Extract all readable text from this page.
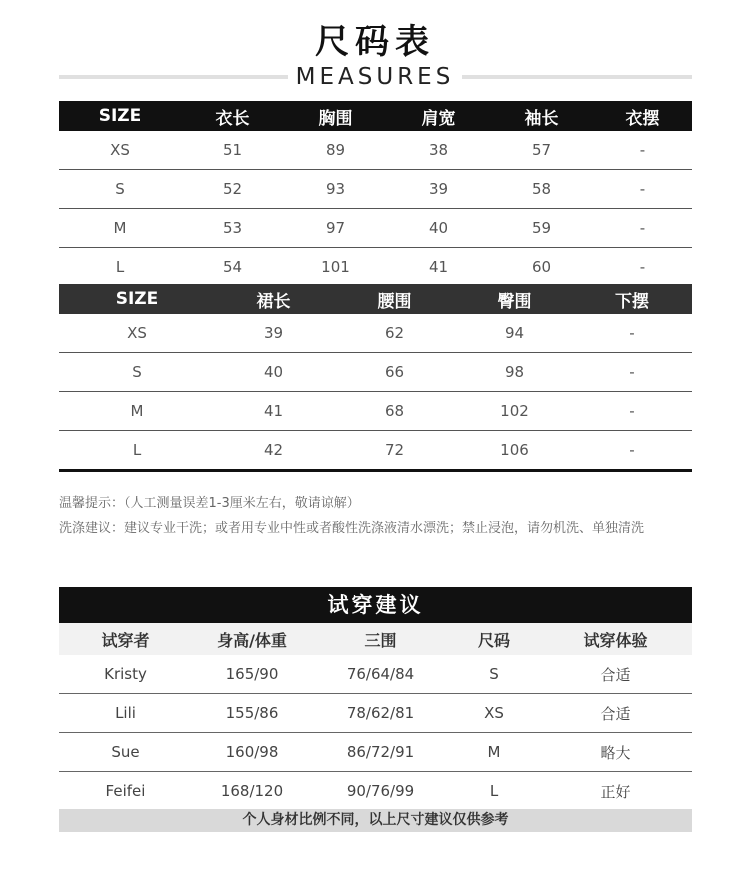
尺码表
MEASURES
SIZE	衣长	胸围	肩宽	袖长	衣摆
XS	51	89	38	57	-
S	52	93	39	58	-
M	53	97	40	59	-
L	54	101	41	60	-
SIZE	裙长	腰围	臀围	下摆
XS	39	62	94	-
S	40	66	98	-
M	41	68	102	-
L	42	72	106	-
温馨提示：（人工测量误差1-3厘米左右，敬请谅解）
洗涤建议：建议专业干洗；或者用专业中性或者酸性洗涤液清水漂洗；禁止浸泡，请勿机洗、单独清洗
试穿建议
试穿者	身高/体重	三围	尺码	试穿体验
Kristy	165/90	76/64/84	S	合适
Lili	155/86	78/62/81	XS	合适
Sue	160/98	86/72/91	M	略大
Feifei	168/120	90/76/99	L	正好
个人身材比例不同，以上尺寸建议仅供参考
